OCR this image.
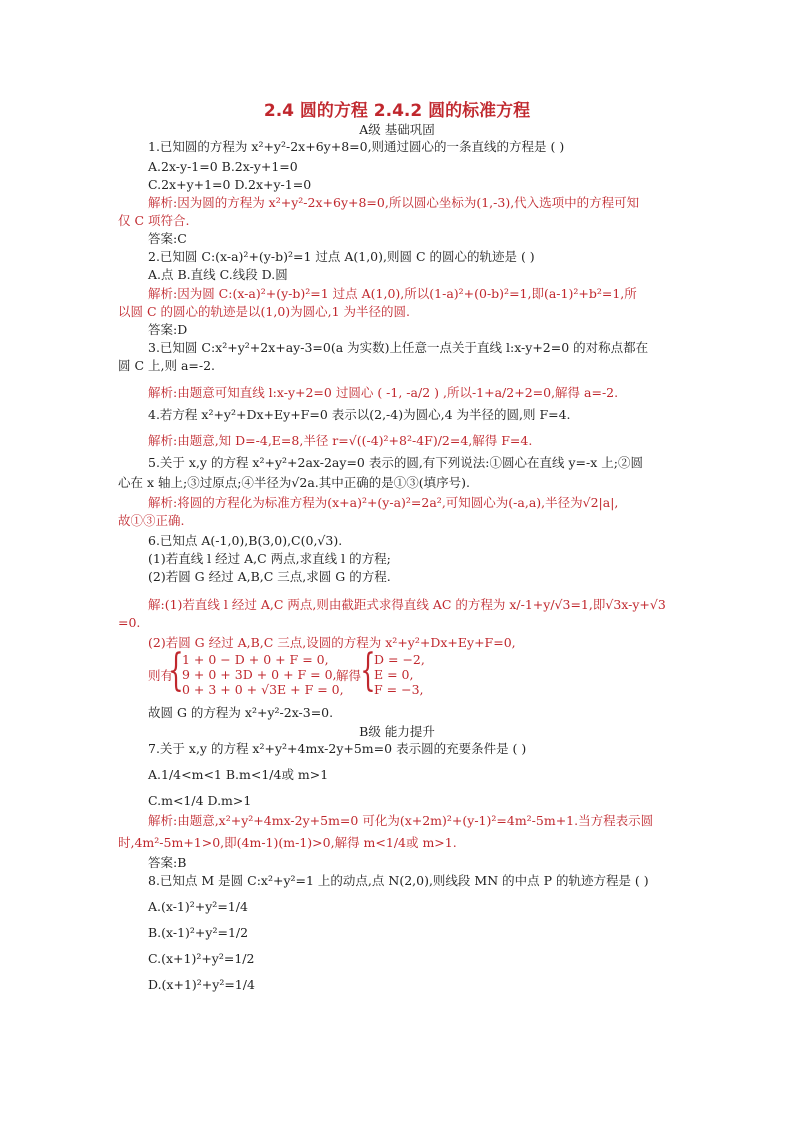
2.4 圆的方程 2.4.2 圆的标准方程
A级 基础巩固
1.已知圆的方程为 x²+y²-2x+6y+8=0,则通过圆心的一条直线的方程是 ( )
A.2x-y-1=0 B.2x-y+1=0
C.2x+y+1=0 D.2x+y-1=0
解析:因为圆的方程为 x²+y²-2x+6y+8=0,所以圆心坐标为(1,-3),代入选项中的方程可知
仅 C 项符合.
答案:C
2.已知圆 C:(x-a)²+(y-b)²=1 过点 A(1,0),则圆 C 的圆心的轨迹是 ( )
A.点 B.直线 C.线段 D.圆
解析:因为圆 C:(x-a)²+(y-b)²=1 过点 A(1,0),所以(1-a)²+(0-b)²=1,即(a-1)²+b²=1,所
以圆 C 的圆心的轨迹是以(1,0)为圆心,1 为半径的圆.
答案:D
3.已知圆 C:x²+y²+2x+ay-3=0(a 为实数)上任意一点关于直线 l:x-y+2=0 的对称点都在
圆 C 上,则 a=-2.
解析:由题意可知直线 l:x-y+2=0 过圆心 ( -1, -a/2 ) ,所以-1+a/2+2=0,解得 a=-2.
4.若方程 x²+y²+Dx+Ey+F=0 表示以(2,-4)为圆心,4 为半径的圆,则 F=4.
解析:由题意,知 D=-4,E=8,半径 r=√((-4)²+8²-4F)/2=4,解得 F=4.
5.关于 x,y 的方程 x²+y²+2ax-2ay=0 表示的圆,有下列说法:①圆心在直线 y=-x 上;②圆
心在 x 轴上;③过原点;④半径为√2a.其中正确的是①③(填序号).
解析:将圆的方程化为标准方程为(x+a)²+(y-a)²=2a²,可知圆心为(-a,a),半径为√2|a|,
故①③正确.
6.已知点 A(-1,0),B(3,0),C(0,√3).
(1)若直线 l 经过 A,C 两点,求直线 l 的方程;
(2)若圆 G 经过 A,B,C 三点,求圆 G 的方程.
解:(1)若直线 l 经过 A,C 两点,则由截距式求得直线 AC 的方程为 x/-1+y/√3=1,即√3x-y+√3
=0.
(2)若圆 G 经过 A,B,C 三点,设圆的方程为 x²+y²+Dx+Ey+F=0,
则有
{
1 + 0 − D + 0 + F = 0,
9 + 0 + 3D + 0 + F = 0,
0 + 3 + 0 + √3E + F = 0,
解得 {
D = −2,
E = 0,
F = −3,
故圆 G 的方程为 x²+y²-2x-3=0.
B级 能力提升
7.关于 x,y 的方程 x²+y²+4mx-2y+5m=0 表示圆的充要条件是 ( )
A.1/4<m<1 B.m<1/4或 m>1
C.m<1/4 D.m>1
解析:由题意,x²+y²+4mx-2y+5m=0 可化为(x+2m)²+(y-1)²=4m²-5m+1.当方程表示圆
时,4m²-5m+1>0,即(4m-1)(m-1)>0,解得 m<1/4或 m>1.
答案:B
8.已知点 M 是圆 C:x²+y²=1 上的动点,点 N(2,0),则线段 MN 的中点 P 的轨迹方程是 ( )
A.(x-1)²+y²=1/4
B.(x-1)²+y²=1/2
C.(x+1)²+y²=1/2
D.(x+1)²+y²=1/4
